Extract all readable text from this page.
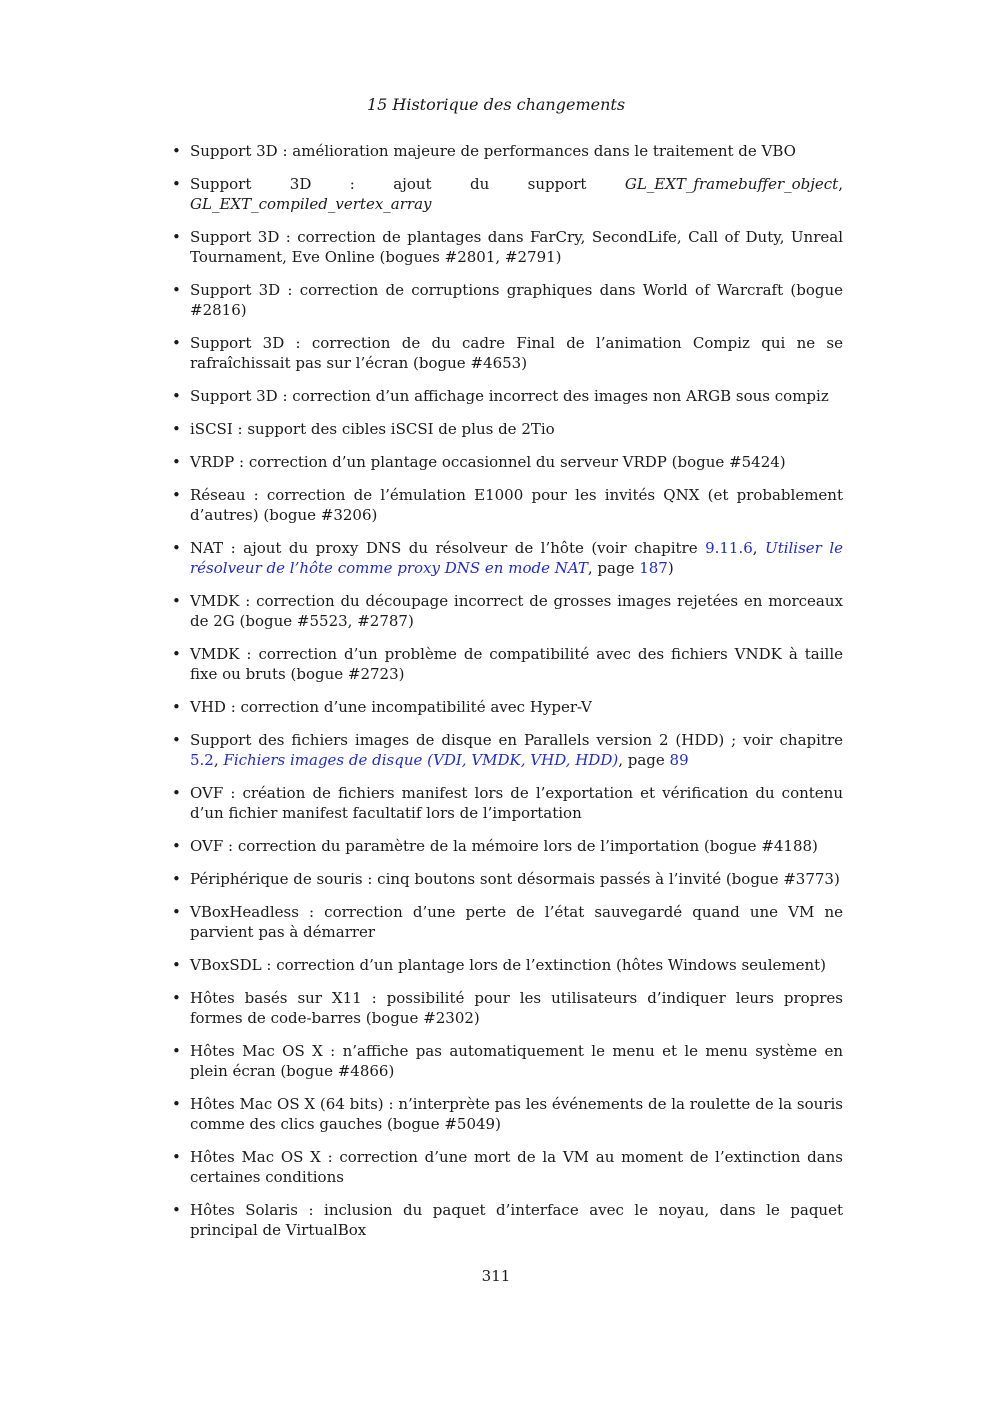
15 Historique des changements
• Support 3D : amélioration majeure de performances dans le traitement de VBO
• Support 3D : ajout du support GL_EXT_framebuffer_object, GL_EXT_compiled_vertex_array
• Support 3D : correction de plantages dans FarCry, SecondLife, Call of Duty, Unreal Tournament, Eve Online (bogues #2801, #2791)
• Support 3D : correction de corruptions graphiques dans World of Warcraft (bogue #2816)
• Support 3D : correction de du cadre Final de l’animation Compiz qui ne se rafraîchissait pas sur l’écran (bogue #4653)
• Support 3D : correction d’un affichage incorrect des images non ARGB sous compiz
• iSCSI : support des cibles iSCSI de plus de 2Tio
• VRDP : correction d’un plantage occasionnel du serveur VRDP (bogue #5424)
• Réseau : correction de l’émulation E1000 pour les invités QNX (et probablement d’autres) (bogue #3206)
• NAT : ajout du proxy DNS du résolveur de l’hôte (voir chapitre 9.11.6, Utiliser le résolveur de l’hôte comme proxy DNS en mode NAT, page 187)
• VMDK : correction du découpage incorrect de grosses images rejetées en morceaux de 2G (bogue #5523, #2787)
• VMDK : correction d’un problème de compatibilité avec des fichiers VNDK à taille fixe ou bruts (bogue #2723)
• VHD : correction d’une incompatibilité avec Hyper-V
• Support des fichiers images de disque en Parallels version 2 (HDD) ; voir chapitre 5.2, Fichiers images de disque (VDI, VMDK, VHD, HDD), page 89
• OVF : création de fichiers manifest lors de l’exportation et vérification du contenu d’un fichier manifest facultatif lors de l’importation
• OVF : correction du paramètre de la mémoire lors de l’importation (bogue #4188)
• Périphérique de souris : cinq boutons sont désormais passés à l’invité (bogue #3773)
• VBoxHeadless : correction d’une perte de l’état sauvegardé quand une VM ne parvient pas à démarrer
• VBoxSDL : correction d’un plantage lors de l’extinction (hôtes Windows seulement)
• Hôtes basés sur X11 : possibilité pour les utilisateurs d’indiquer leurs propres formes de code-barres (bogue #2302)
• Hôtes Mac OS X : n’affiche pas automatiquement le menu et le menu système en plein écran (bogue #4866)
• Hôtes Mac OS X (64 bits) : n’interprète pas les événements de la roulette de la souris comme des clics gauches (bogue #5049)
• Hôtes Mac OS X : correction d’une mort de la VM au moment de l’extinction dans certaines conditions
• Hôtes Solaris : inclusion du paquet d’interface avec le noyau, dans le paquet principal de VirtualBox
311
